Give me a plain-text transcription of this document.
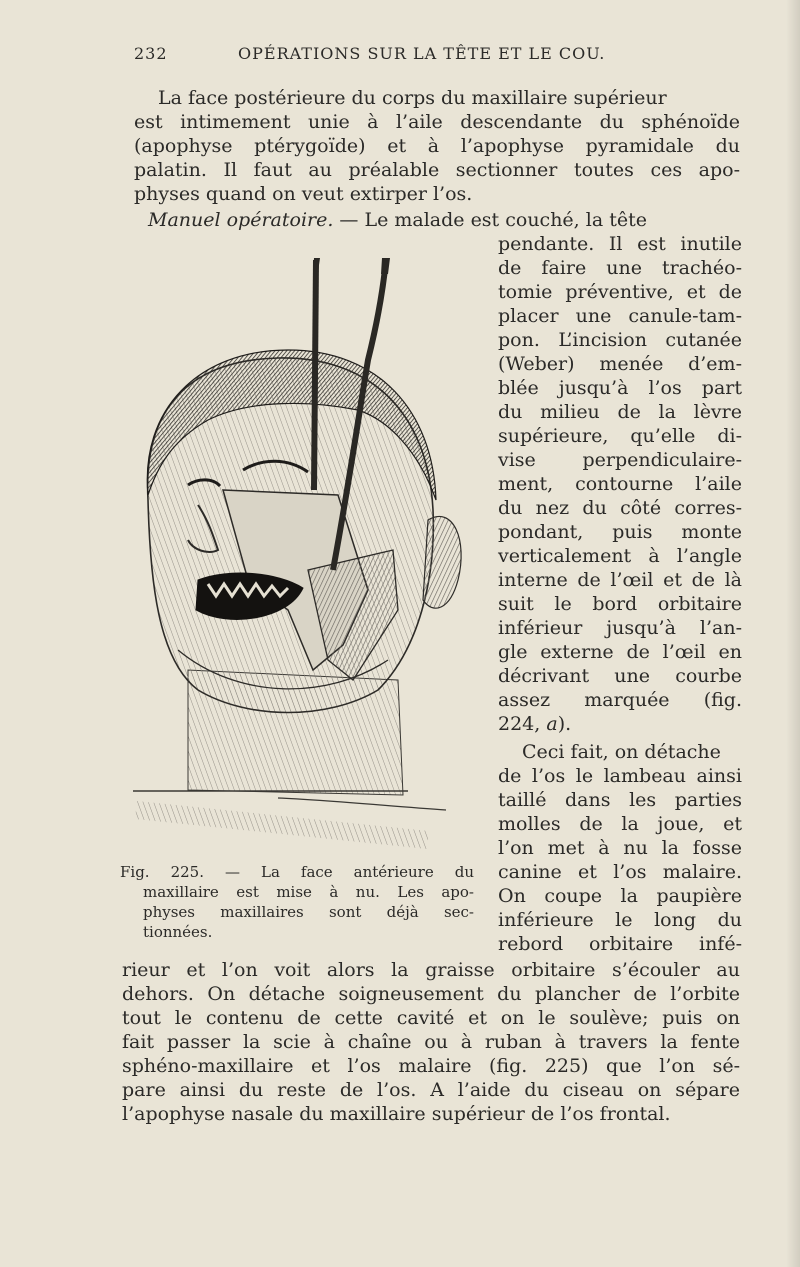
232	OPÉRATIONS SUR LA TÊTE ET LE COU.
La face postérieure du corps du maxillaire supérieur
est intimement unie à l’aile descendante du sphénoïde
(apophyse ptérygoïde) et à l’apophyse pyramidale du
palatin. Il faut au préalable sectionner toutes ces apo-
physes quand on veut extirper l’os.
Manuel opératoire. — Le malade est couché, la tête
pendante. Il est inutile
de faire une trachéo-
tomie préventive, et de
placer une canule-tam-
pon. L’incision cutanée
(Weber) menée d’em-
blée jusqu’à l’os part
du milieu de la lèvre
supérieure, qu’elle di-
vise perpendiculaire-
ment, contourne l’aile
du nez du côté corres-
pondant, puis monte
verticalement à l’angle
interne de l’œil et de là
suit le bord orbitaire
inférieur jusqu’à l’an-
gle externe de l’œil en
décrivant une courbe
assez marquée (fig.
224, a).
Ceci fait, on détache
de l’os le lambeau ainsi
taillé dans les parties
molles de la joue, et
l’on met à nu la fosse
canine et l’os malaire.
On coupe la paupière
inférieure le long du
rebord orbitaire infé-
rieur et l’on voit alors la graisse orbitaire s’écouler au
dehors. On détache soigneusement du plancher de l’orbite
tout le contenu de cette cavité et on le soulève; puis on
fait passer la scie à chaîne ou à ruban à travers la fente
sphéno-maxillaire et l’os malaire (fig. 225) que l’on sé-
pare ainsi du reste de l’os. A l’aide du ciseau on sépare
l’apophyse nasale du maxillaire supérieur de l’os frontal.
Fig. 225. — La face antérieure du
maxillaire est mise à nu. Les apo-
physes maxillaires sont déjà sec-
tionnées.
